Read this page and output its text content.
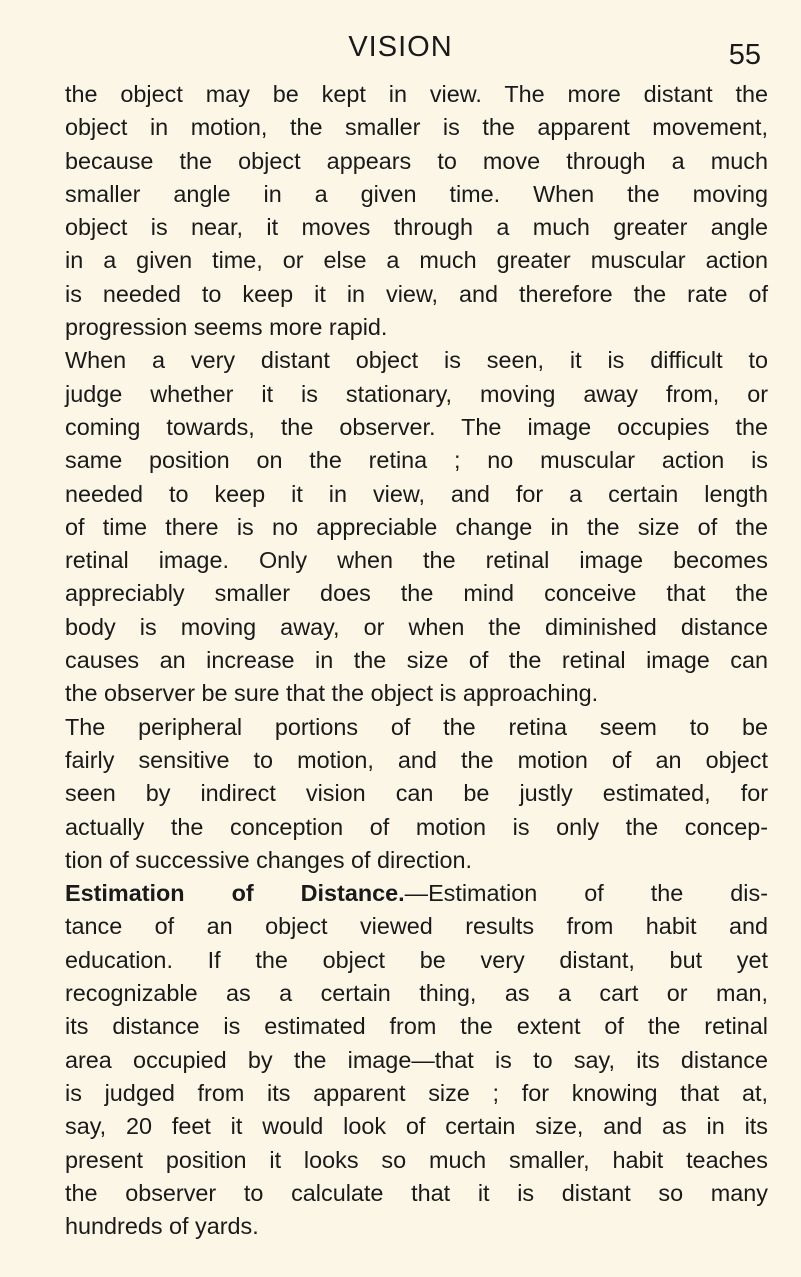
VISION	55
the object may be kept in view. The more distant the
object in motion, the smaller is the apparent movement,
because the object appears to move through a much
smaller angle in a given time. When the moving
object is near, it moves through a much greater angle
in a given time, or else a much greater muscular action
is needed to keep it in view, and therefore the rate of
progression seems more rapid.
When a very distant object is seen, it is difficult to
judge whether it is stationary, moving away from, or
coming towards, the observer. The image occupies the
same position on the retina ; no muscular action is
needed to keep it in view, and for a certain length
of time there is no appreciable change in the size of the
retinal image. Only when the retinal image becomes
appreciably smaller does the mind conceive that the
body is moving away, or when the diminished distance
causes an increase in the size of the retinal image can
the observer be sure that the object is approaching.
The peripheral portions of the retina seem to be
fairly sensitive to motion, and the motion of an object
seen by indirect vision can be justly estimated, for
actually the conception of motion is only the concep-
tion of successive changes of direction.
Estimation of Distance.—Estimation of the dis-
tance of an object viewed results from habit and
education. If the object be very distant, but yet
recognizable as a certain thing, as a cart or man,
its distance is estimated from the extent of the retinal
area occupied by the image—that is to say, its distance
is judged from its apparent size ; for knowing that at,
say, 20 feet it would look of certain size, and as in its
present position it looks so much smaller, habit teaches
the observer to calculate that it is distant so many
hundreds of yards.
